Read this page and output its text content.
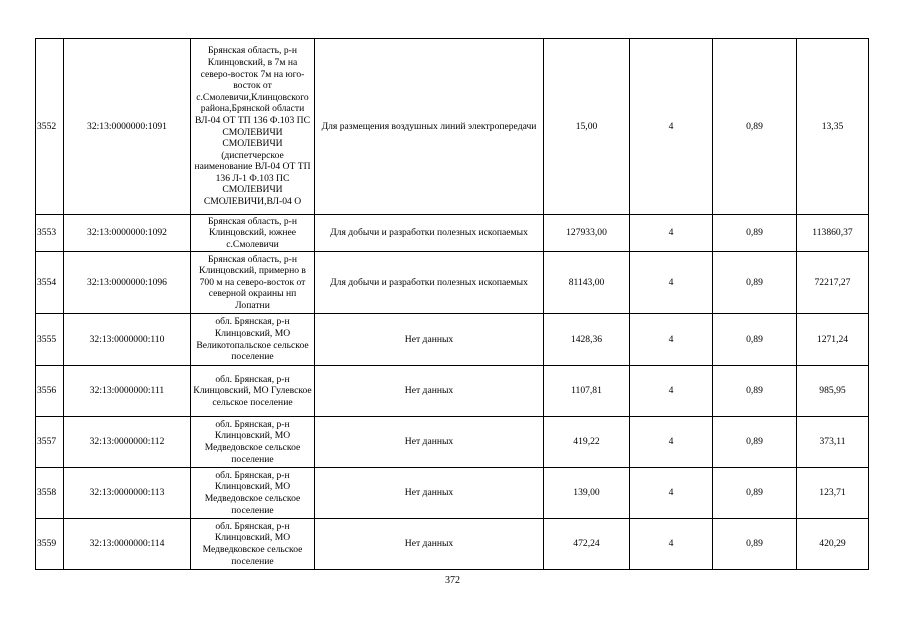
3552	32:13:0000000:1091	Брянская область, р-н Клинцовский, в 7м на северо-восток 7м на юго-восток от с.Смолевичи,Клинцовского района,Брянской области ВЛ-04 ОТ ТП 136 Ф.103 ПС СМОЛЕВИЧИ СМОЛЕВИЧИ (диспетчерское наименование ВЛ-04 ОТ ТП 136 Л-1 Ф.103 ПС СМОЛЕВИЧИ СМОЛЕВИЧИ,ВЛ-04 О	Для размещения воздушных линий электропередачи	15,00	4	0,89	13,35
3553	32:13:0000000:1092	Брянская область, р-н Клинцовский, южнее с.Смолевичи	Для добычи и разработки полезных ископаемых	127933,00	4	0,89	113860,37
3554	32:13:0000000:1096	Брянская область, р-н Клинцовский, примерно в 700 м на северо-восток от северной окраины нп Лопатни	Для добычи и разработки полезных ископаемых	81143,00	4	0,89	72217,27
3555	32:13:0000000:110	обл. Брянская, р-н Клинцовский, МО Великотопальское сельское поселение	Нет данных	1428,36	4	0,89	1271,24
3556	32:13:0000000:111	обл. Брянская, р-н Клинцовский, МО Гулевское сельское поселение	Нет данных	1107,81	4	0,89	985,95
3557	32:13:0000000:112	обл. Брянская, р-н Клинцовский, МО Медведовское сельское поселение	Нет данных	419,22	4	0,89	373,11
3558	32:13:0000000:113	обл. Брянская, р-н Клинцовский, МО Медведовское сельское поселение	Нет данных	139,00	4	0,89	123,71
3559	32:13:0000000:114	обл. Брянская, р-н Клинцовский, МО Медведковское сельское поселение	Нет данных	472,24	4	0,89	420,29
372
